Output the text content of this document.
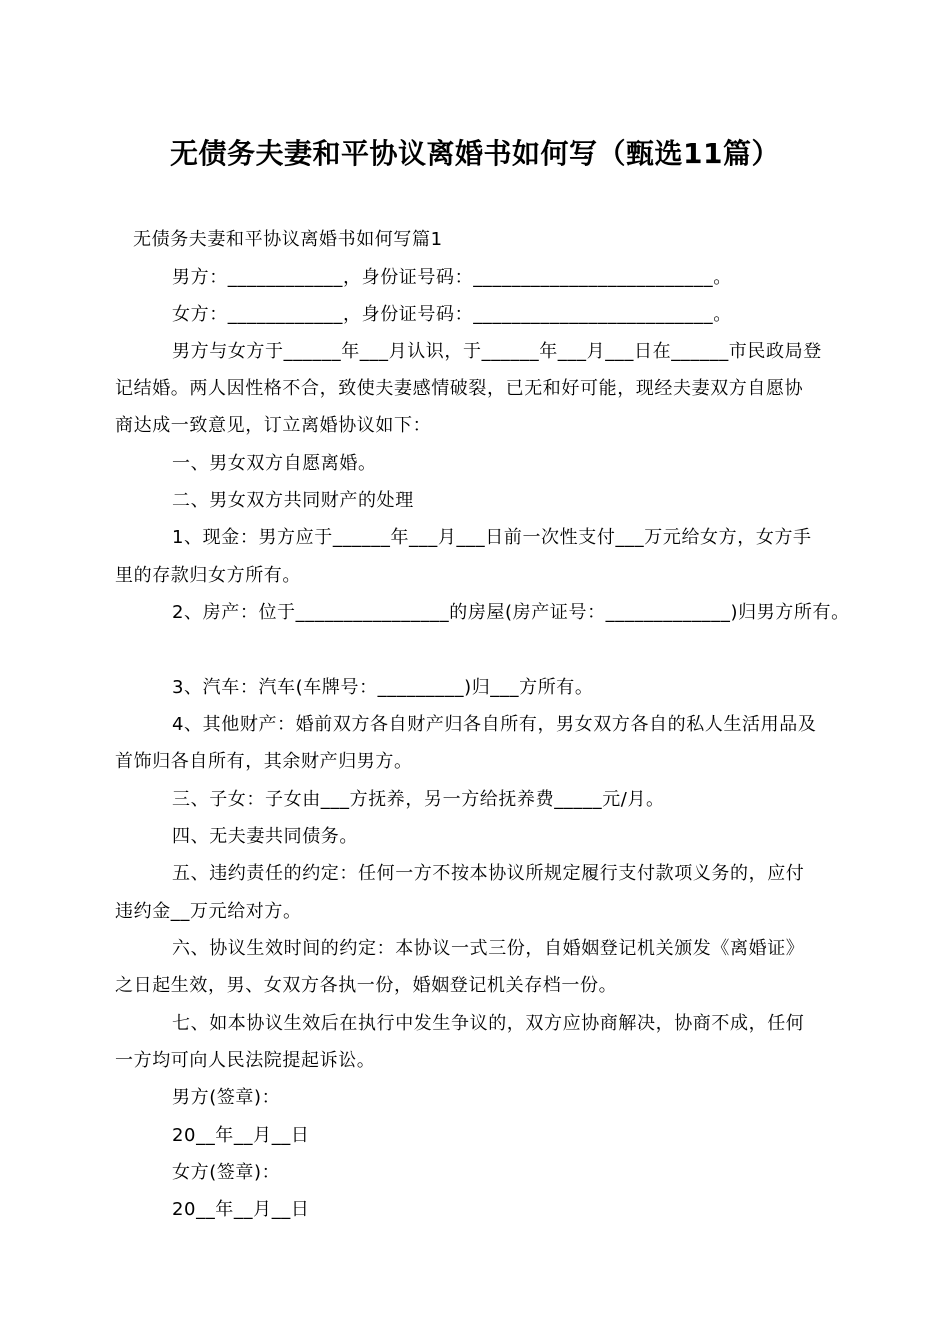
无债务夫妻和平协议离婚书如何写（甄选11篇）
无债务夫妻和平协议离婚书如何写篇1
男方：____________，身份证号码：_________________________。
女方：____________，身份证号码：_________________________。
男方与女方于______年___月认识，于______年___月___日在______市民政局登
记结婚。两人因性格不合，致使夫妻感情破裂，已无和好可能，现经夫妻双方自愿协
商达成一致意见，订立离婚协议如下：
一、男女双方自愿离婚。
二、男女双方共同财产的处理
1、现金：男方应于______年___月___日前一次性支付___万元给女方，女方手
里的存款归女方所有。
2、房产：位于________________的房屋(房产证号：_____________)归男方所有。
3、汽车：汽车(车牌号：_________)归___方所有。
4、其他财产：婚前双方各自财产归各自所有，男女双方各自的私人生活用品及
首饰归各自所有，其余财产归男方。
三、子女：子女由___方抚养，另一方给抚养费_____元/月。
四、无夫妻共同债务。
五、违约责任的约定：任何一方不按本协议所规定履行支付款项义务的，应付
违约金__万元给对方。
六、协议生效时间的约定：本协议一式三份，自婚姻登记机关颁发《离婚证》
之日起生效，男、女双方各执一份，婚姻登记机关存档一份。
七、如本协议生效后在执行中发生争议的，双方应协商解决，协商不成，任何
一方均可向人民法院提起诉讼。
男方(签章)：
20__年__月__日
女方(签章)：
20__年__月__日
